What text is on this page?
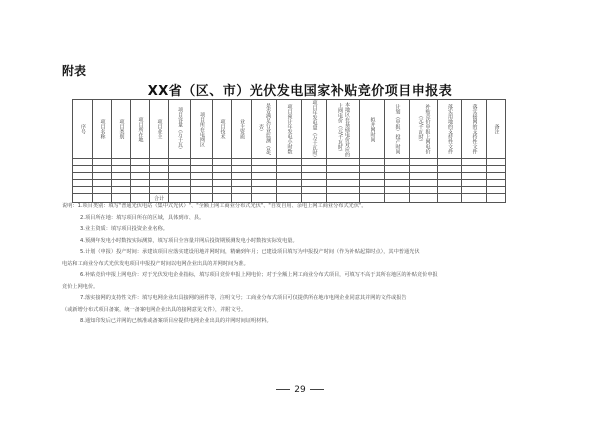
附表
XX省（区、市）光伏发电国家补贴竞价项目申报表
序号	项目名称	项目类别	项目所在地	项目业主	项目容量（万千瓦）	项目所在电网区	项目技术	业主资质	是否满足行业监测（是/否）	项目预计年发电小时数	项目年发电量（万千瓦时）	本地区在基础电价对应的上网电价（元/千瓦时）	拟并网时间	计划（申报）投产时间	补贴竞价申报上网电价（元/千瓦时）	落实用地的支持性文件	落实接网的支持性文件	备注

				合计														
说明：1.项目类别：填写"普通光伏电站（集中式光伏）"、"全额上网工商业分布式光伏"、"自发自用、余电上网工商业分布式光伏"。
2.项目所在地：填写项目所在的区域，具体到市、县。
3.业主资质：填写项目投资企业名称。
4.预测年发电小时数按实际测算，填写项目全容量并网后投资期预测发电小时数按实际发电量。
5.计划（申报）投产时间：承建该项目应落实建设用地并网时间，精确到年月；已建设项目填写为申报投产时间（作为补贴起算时点），其中普通光伏
电站和工商业分布式光伏发电项目申报投产时间以电网企业出具的并网时间为准。
6.补贴竞价申报上网电价：对于光伏发电企业指标，填写项目竞价申报上网电价；对于全额上网工商业分布式项目，可填写不高于其所在地区的补贴竞价申报
竞价上网电价。
7.落实接网的支持性文件：填写电网企业出具接网的函件等，注明文号；工商业分布式项目可仅提供所在地市电网企业同意其并网的文件或报告
（或新增分布式项目备案，统一备案电网企业出具的接网意见文件），并附文号。
8.通知印发后已并网的已核准或备案项目应提供电网企业出具的并网时间证明材料。
29
